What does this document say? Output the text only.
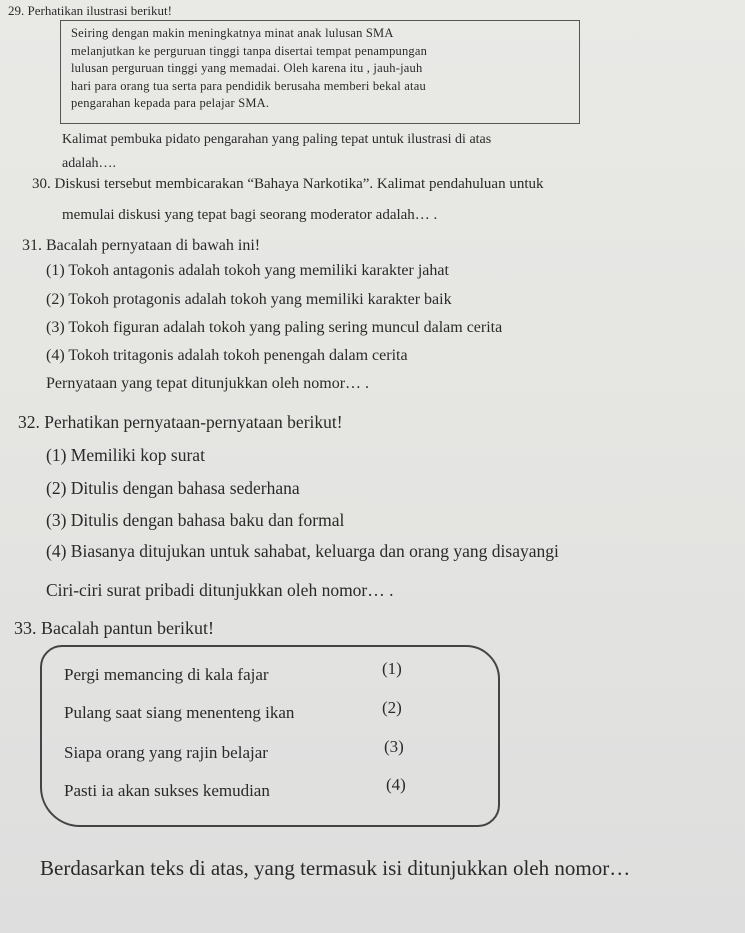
29. Perhatikan ilustrasi berikut!
Seiring dengan makin meningkatnya minat anak lulusan SMA
melanjutkan ke perguruan tinggi tanpa disertai tempat penampungan
lulusan perguruan tinggi yang memadai. Oleh karena itu , jauh-jauh
hari para orang tua serta para pendidik berusaha memberi bekal atau
pengarahan kepada para pelajar SMA.
Kalimat pembuka pidato pengarahan yang paling tepat untuk ilustrasi di atas
adalah….
30. Diskusi tersebut membicarakan “Bahaya Narkotika”. Kalimat pendahuluan untuk
memulai diskusi yang tepat bagi seorang moderator adalah… .
31. Bacalah pernyataan di bawah ini!
(1) Tokoh antagonis adalah tokoh yang memiliki karakter jahat
(2) Tokoh protagonis adalah tokoh yang memiliki karakter baik
(3) Tokoh figuran adalah tokoh yang paling sering muncul dalam cerita
(4) Tokoh tritagonis adalah tokoh penengah dalam cerita
Pernyataan yang tepat ditunjukkan oleh nomor… .
32. Perhatikan pernyataan-pernyataan berikut!
(1) Memiliki kop surat
(2) Ditulis dengan bahasa sederhana
(3) Ditulis dengan bahasa baku dan formal
(4) Biasanya ditujukan untuk sahabat, keluarga dan orang yang disayangi
Ciri-ciri surat pribadi ditunjukkan oleh nomor… .
33. Bacalah pantun berikut!
Pergi memancing di kala fajar	(1)
Pulang saat siang menenteng ikan	(2)
Siapa orang yang rajin belajar	(3)
Pasti ia akan sukses kemudian	(4)
Berdasarkan teks di atas, yang termasuk isi ditunjukkan oleh nomor…
